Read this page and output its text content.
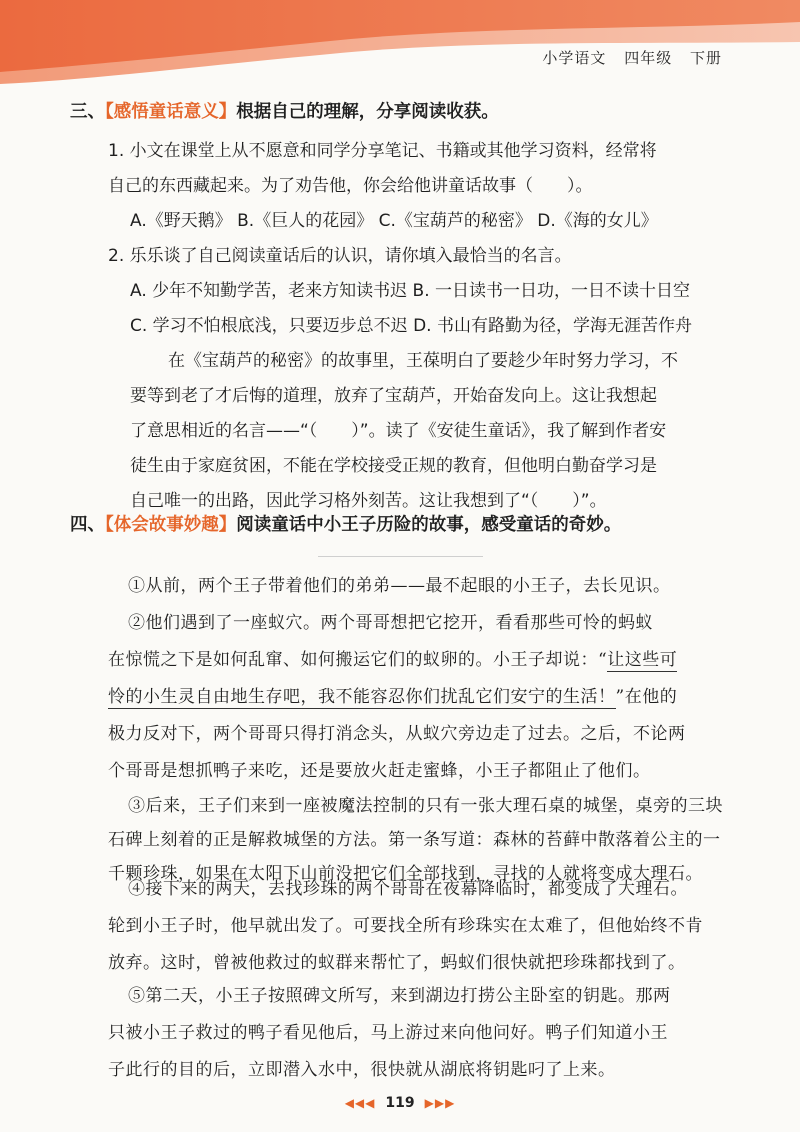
小学语文 四年级 下册
三、【感悟童话意义】根据自己的理解，分享阅读收获。
1. 小文在课堂上从不愿意和同学分享笔记、书籍或其他学习资料，经常将
自己的东西藏起来。为了劝告他，你会给他讲童话故事（　　）。
A.《野天鹅》 B.《巨人的花园》 C.《宝葫芦的秘密》 D.《海的女儿》
2. 乐乐谈了自己阅读童话后的认识，请你填入最恰当的名言。
A. 少年不知勤学苦，老来方知读书迟 B. 一日读书一日功，一日不读十日空
C. 学习不怕根底浅，只要迈步总不迟 D. 书山有路勤为径，学海无涯苦作舟
在《宝葫芦的秘密》的故事里，王葆明白了要趁少年时努力学习，不
要等到老了才后悔的道理，放弃了宝葫芦，开始奋发向上。这让我想起
了意思相近的名言——“（　　）”。读了《安徒生童话》，我了解到作者安
徒生由于家庭贫困，不能在学校接受正规的教育，但他明白勤奋学习是
自己唯一的出路，因此学习格外刻苦。这让我想到了“（　　）”。
四、【体会故事妙趣】阅读童话中小王子历险的故事，感受童话的奇妙。
①从前，两个王子带着他们的弟弟——最不起眼的小王子，去长见识。
②他们遇到了一座蚁穴。两个哥哥想把它挖开，看看那些可怜的蚂蚁
在惊慌之下是如何乱窜、如何搬运它们的蚁卵的。小王子却说：“让这些可
怜的小生灵自由地生存吧，我不能容忍你们扰乱它们安宁的生活！”在他的
极力反对下，两个哥哥只得打消念头，从蚁穴旁边走了过去。之后，不论两
个哥哥是想抓鸭子来吃，还是要放火赶走蜜蜂，小王子都阻止了他们。
③后来，王子们来到一座被魔法控制的只有一张大理石桌的城堡，桌旁的三块
石碑上刻着的正是解救城堡的方法。第一条写道：森林的苔藓中散落着公主的一
千颗珍珠，如果在太阳下山前没把它们全部找到，寻找的人就将变成大理石。
④接下来的两天，去找珍珠的两个哥哥在夜幕降临时，都变成了大理石。
轮到小王子时，他早就出发了。可要找全所有珍珠实在太难了，但他始终不肯
放弃。这时，曾被他救过的蚁群来帮忙了，蚂蚁们很快就把珍珠都找到了。
⑤第二天，小王子按照碑文所写，来到湖边打捞公主卧室的钥匙。那两
只被小王子救过的鸭子看见他后，马上游过来向他问好。鸭子们知道小王
子此行的目的后，立即潜入水中，很快就从湖底将钥匙叼了上来。
◀◀◀ 119 ▶▶▶
